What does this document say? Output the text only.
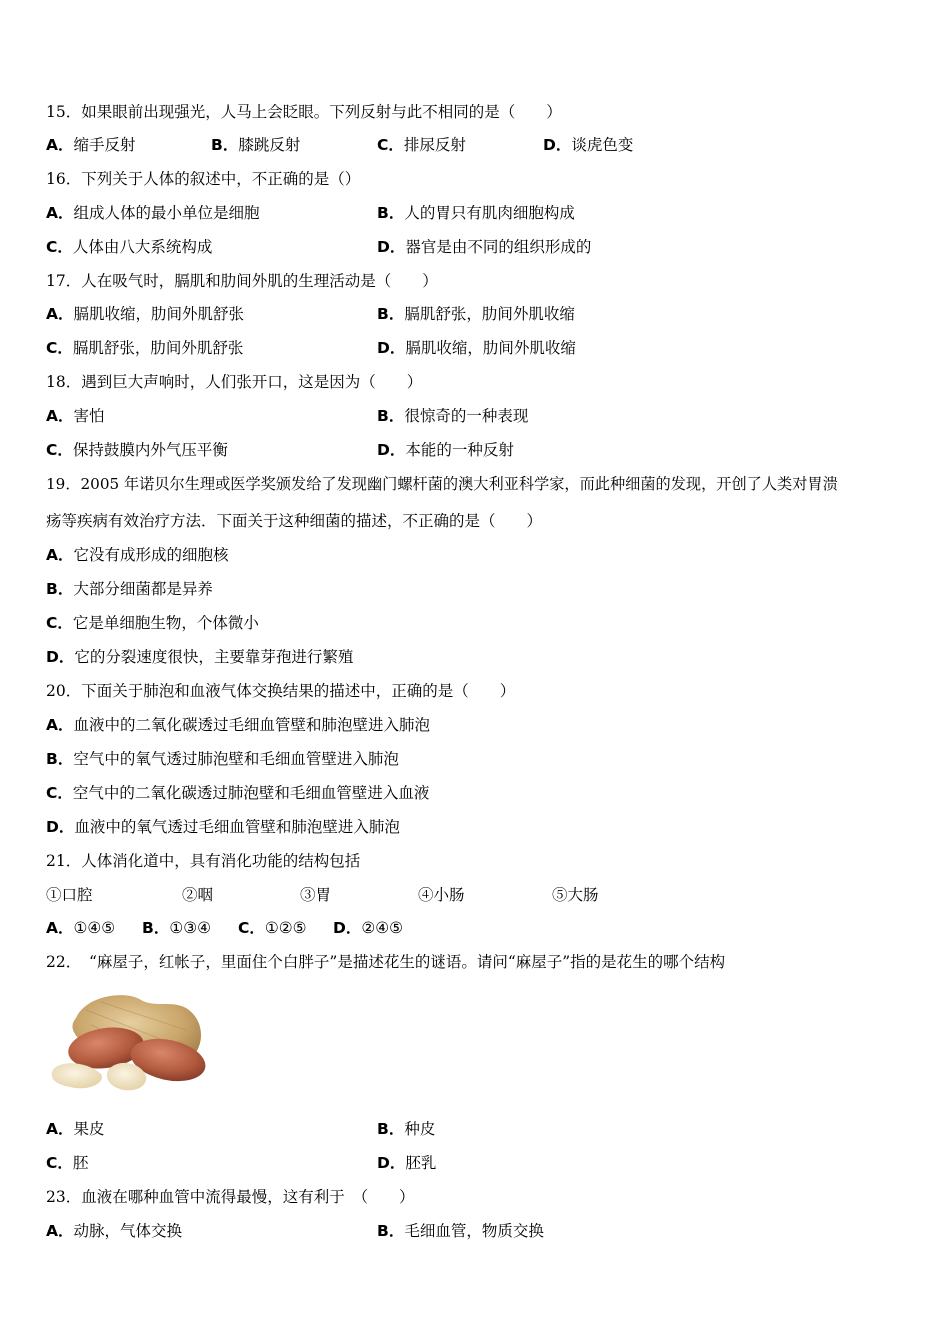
15．如果眼前出现强光，人马上会眨眼。下列反射与此不相同的是（　　）
A．缩手反射	B．膝跳反射	C．排尿反射	D．谈虎色变
16．下列关于人体的叙述中，不正确的是（）
A．组成人体的最小单位是细胞	B．人的胃只有肌肉细胞构成
C．人体由八大系统构成	D．器官是由不同的组织形成的
17．人在吸气时，膈肌和肋间外肌的生理活动是（　　）
A．膈肌收缩，肋间外肌舒张	B．膈肌舒张，肋间外肌收缩
C．膈肌舒张，肋间外肌舒张	D．膈肌收缩，肋间外肌收缩
18．遇到巨大声响时，人们张开口，这是因为（　　）
A．害怕	B．很惊奇的一种表现
C．保持鼓膜内外气压平衡	D．本能的一种反射
19．2005 年诺贝尔生理或医学奖颁发给了发现幽门螺杆菌的澳大利亚科学家，而此种细菌的发现，开创了人类对胃溃
疡等疾病有效治疗方法．下面关于这种细菌的描述，不正确的是（　　）
A．它没有成形成的细胞核
B．大部分细菌都是异养
C．它是单细胞生物，个体微小
D．它的分裂速度很快，主要靠芽孢进行繁殖
20．下面关于肺泡和血液气体交换结果的描述中，正确的是（　　）
A．血液中的二氧化碳透过毛细血管壁和肺泡壁进入肺泡
B．空气中的氧气透过肺泡壁和毛细血管壁进入肺泡
C．空气中的二氧化碳透过肺泡壁和毛细血管壁进入血液
D．血液中的氧气透过毛细血管壁和肺泡壁进入肺泡
21．人体消化道中，具有消化功能的结构包括
①口腔	②咽	③胃	④小肠	⑤大肠
A．①④⑤ B．①③④ C．①②⑤ D．②④⑤
22．　“麻屋子，红帐子，里面住个白胖子”是描述花生的谜语。请问“麻屋子”指的是花生的哪个结构
A．果皮	B．种皮
C．胚	D．胚乳
23．血液在哪种血管中流得最慢，这有利于　（　　）
A．动脉，气体交换	B．毛细血管，物质交换
